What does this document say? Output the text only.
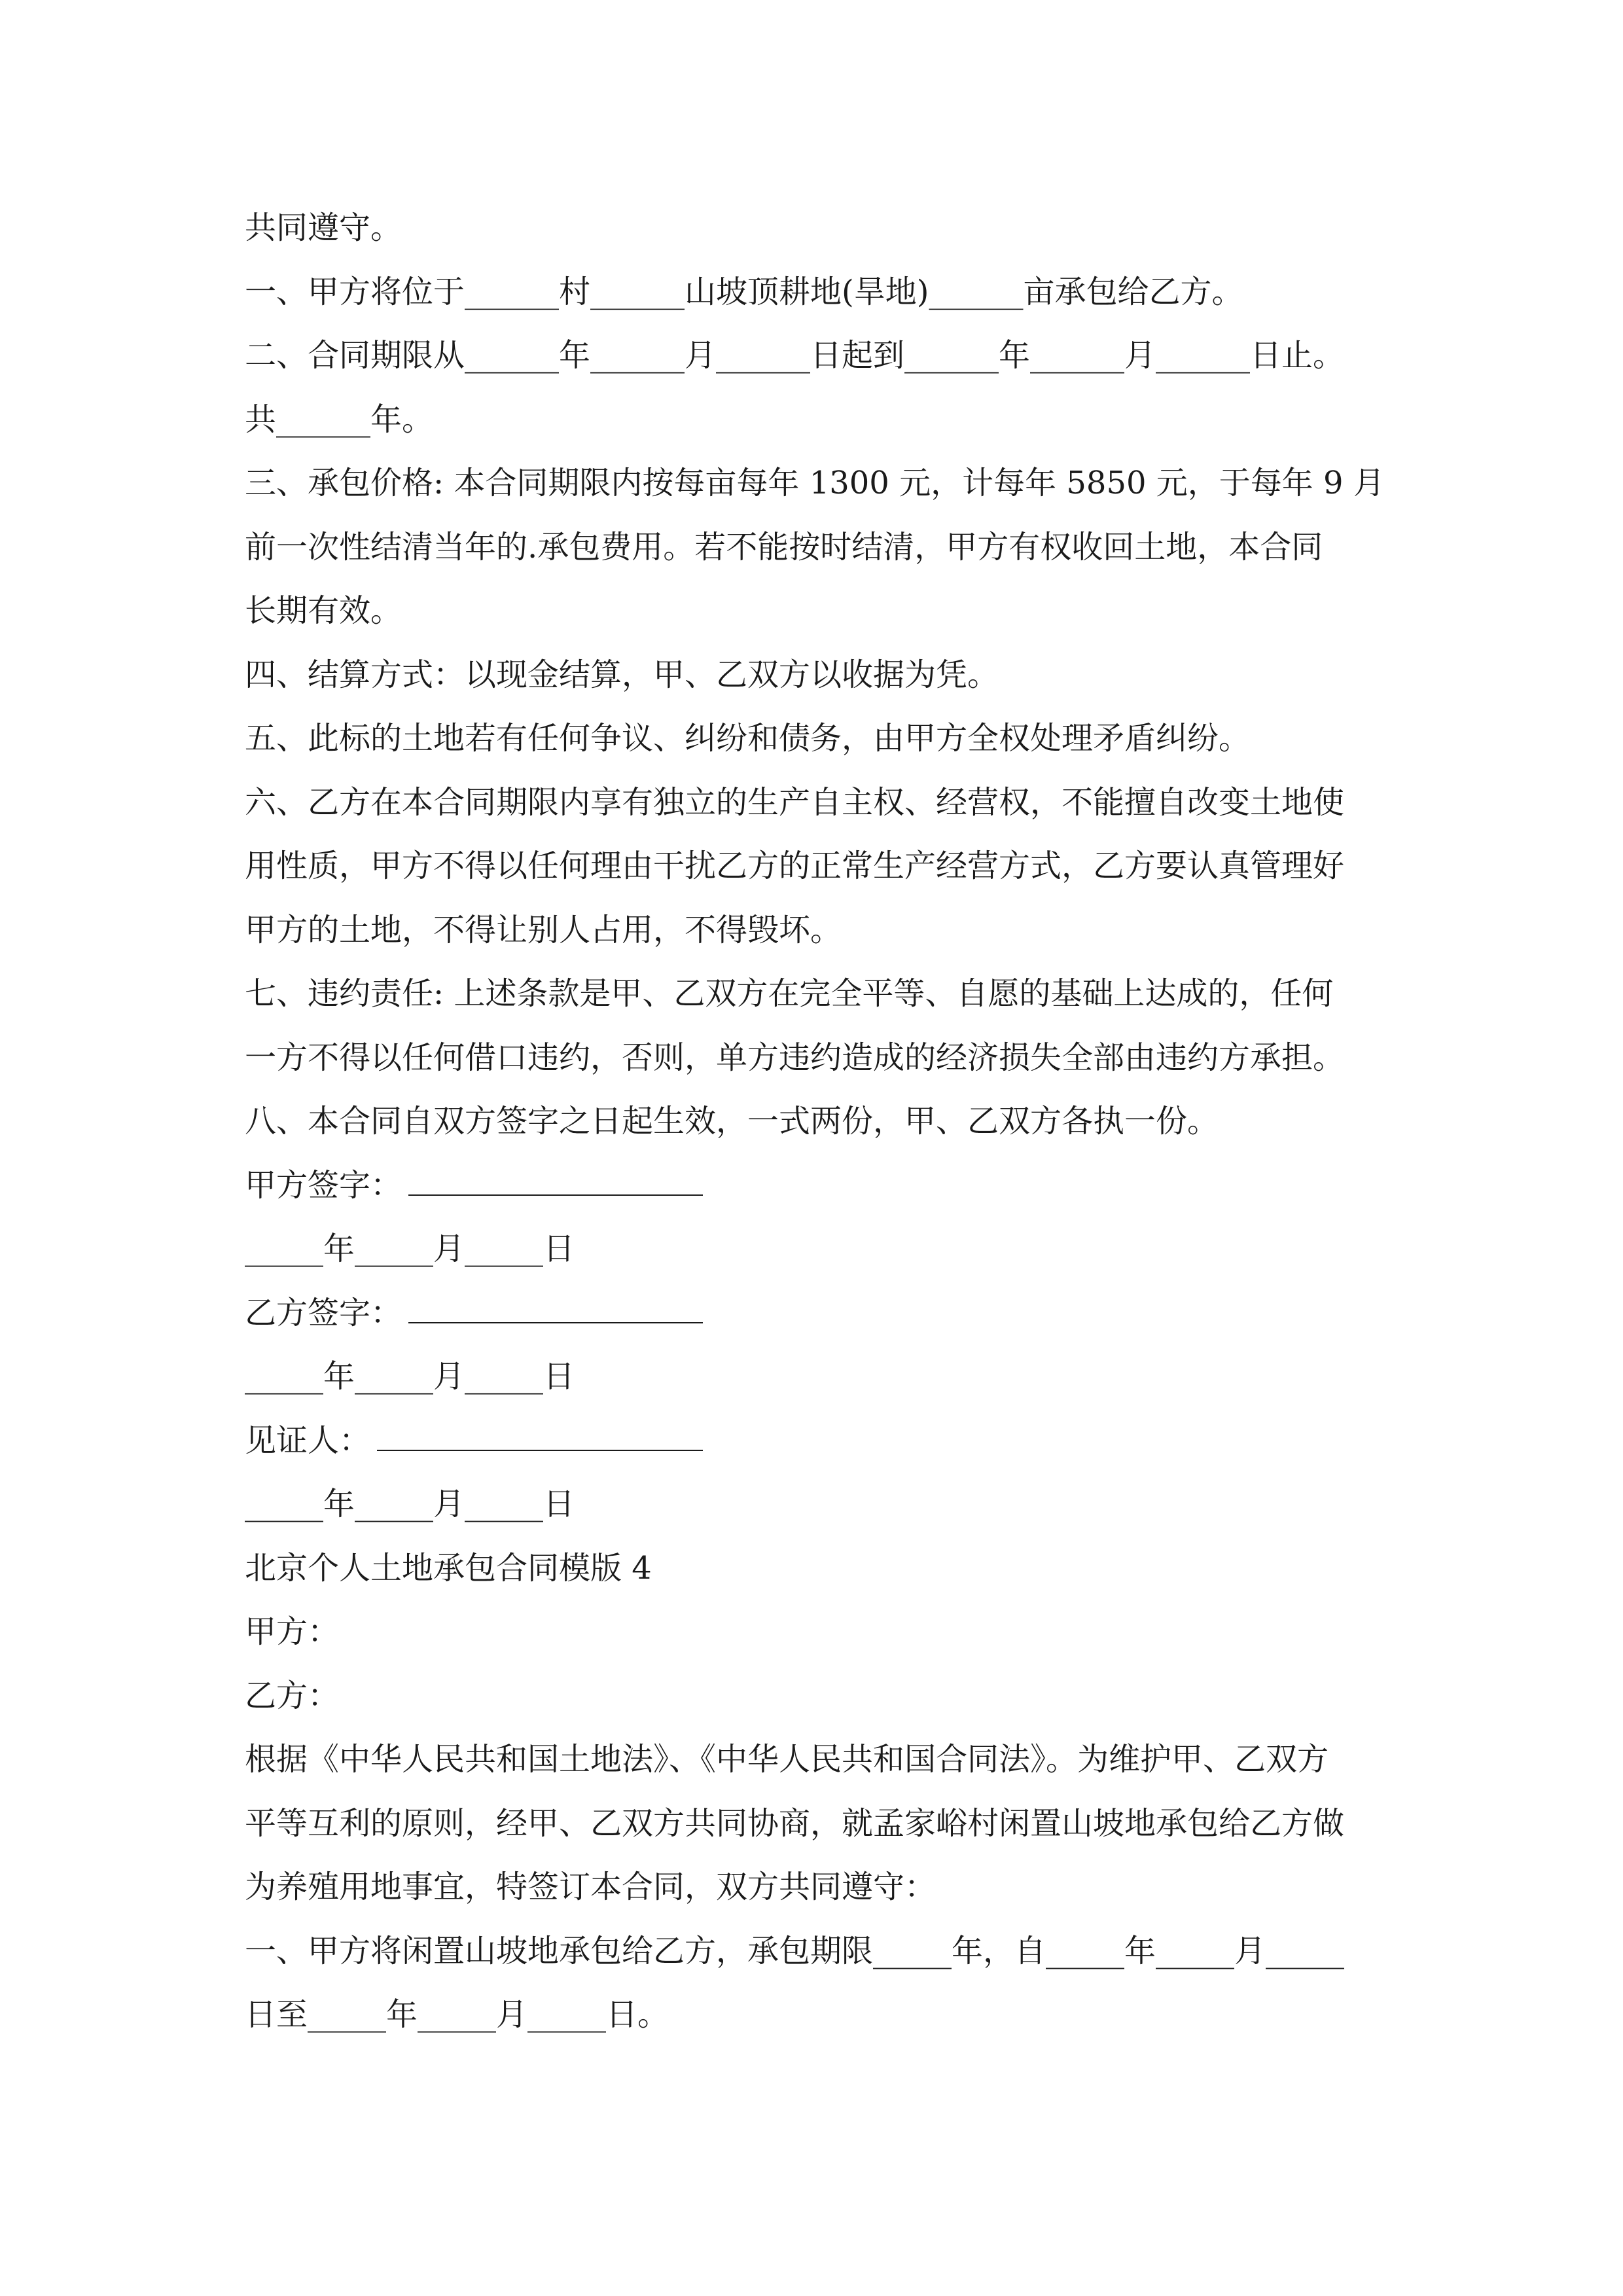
共同遵守。
一、甲方将位于______村______山坡顶耕地(旱地)______亩承包给乙方。
二、合同期限从______年______月______日起到______年______月______日止。
共______年。
三、承包价格: 本合同期限内按每亩每年 1300 元，计每年 5850 元，于每年 9 月
前一次性结清当年的.承包费用。若不能按时结清，甲方有权收回土地，本合同
长期有效。
四、结算方式：以现金结算，甲、乙双方以收据为凭。
五、此标的土地若有任何争议、纠纷和债务，由甲方全权处理矛盾纠纷。
六、乙方在本合同期限内享有独立的生产自主权、经营权，不能擅自改变土地使
用性质，甲方不得以任何理由干扰乙方的正常生产经营方式，乙方要认真管理好
甲方的土地，不得让别人占用，不得毁坏。
七、违约责任: 上述条款是甲、乙双方在完全平等、自愿的基础上达成的，任何
一方不得以任何借口违约，否则，单方违约造成的经济损失全部由违约方承担。
八、本合同自双方签字之日起生效，一式两份，甲、乙双方各执一份。
甲方签字：
_____年_____月_____日
乙方签字：
_____年_____月_____日
见证人：
_____年_____月_____日
北京个人土地承包合同模版 4
甲方：
乙方：
根据《中华人民共和国土地法》、《中华人民共和国合同法》。为维护甲、乙双方
平等互利的原则，经甲、乙双方共同协商，就孟家峪村闲置山坡地承包给乙方做
为养殖用地事宜，特签订本合同，双方共同遵守：
一、甲方将闲置山坡地承包给乙方，承包期限_____年，自_____年_____月_____
日至_____年_____月_____日。
